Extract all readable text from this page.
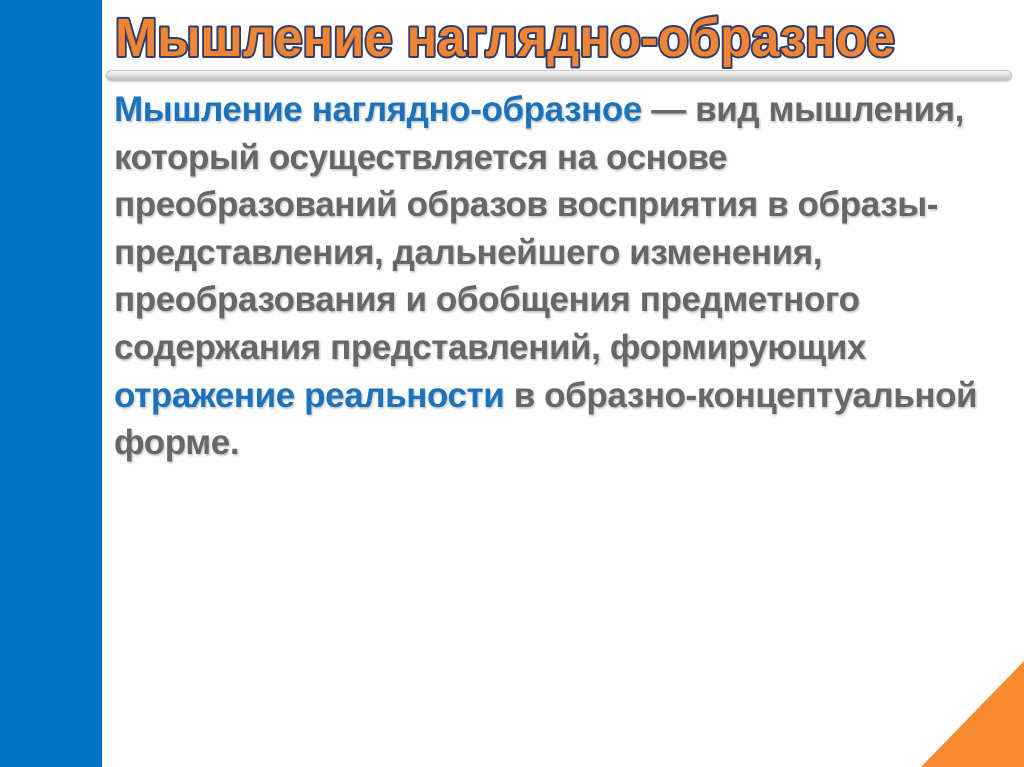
Мышление наглядно-образное
Мышление наглядно-образное — вид мышления,
который осуществляется на основе
преобразований образов восприятия в образы-
представления, дальнейшего изменения,
преобразования и обобщения предметного
содержания представлений, формирующих
отражение реальности в образно-концептуальной
форме.
